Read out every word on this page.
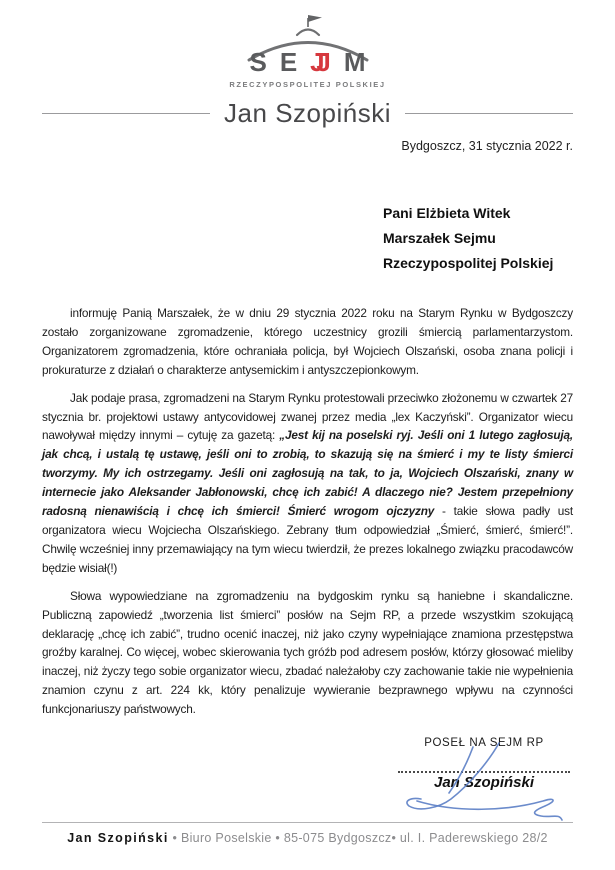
S E J M
RZECZYPOSPOLITEJ POLSKIEJ
Jan Szopiński
Bydgoszcz, 31 stycznia 2022 r.
Pani Elżbieta Witek
Marszałek Sejmu
Rzeczypospolitej Polskiej

informuję Panią Marszałek, że w dniu 29 stycznia 2022 roku na Starym Rynku w Bydgoszczy zostało zorganizowane zgromadzenie, którego uczestnicy grozili śmiercią parlamentarzystom. Organizatorem zgromadzenia, które ochraniała policja, był Wojciech Olszański, osoba znana policji i prokuraturze z działań o charakterze antysemickim i antyszczepionkowym.

Jak podaje prasa, zgromadzeni na Starym Rynku protestowali przeciwko złożonemu w czwartek 27 stycznia br. projektowi ustawy antycovidowej zwanej przez media „lex Kaczyński”. Organizator wiecu nawoływał między innymi – cytuję za gazetą: „Jest kij na poselski ryj. Jeśli oni 1 lutego zagłosują, jak chcą, i ustalą tę ustawę, jeśli oni to zrobią, to skazują się na śmierć i my te listy śmierci tworzymy. My ich ostrzegamy. Jeśli oni zagłosują na tak, to ja, Wojciech Olszański, znany w internecie jako Aleksander Jabłonowski, chcę ich zabić! A dlaczego nie? Jestem przepełniony radosną nienawiścią i chcę ich śmierci! Śmierć wrogom ojczyzny - takie słowa padły ust organizatora wiecu Wojciecha Olszańskiego. Zebrany tłum odpowiedział „Śmierć, śmierć, śmierć!”. Chwilę wcześniej inny przemawiający na tym wiecu twierdził, że prezes lokalnego związku pracodawców będzie wisiał(!)

Słowa wypowiedziane na zgromadzeniu na bydgoskim rynku są haniebne i skandaliczne. Publiczną zapowiedź „tworzenia list śmierci” posłów na Sejm RP, a przede wszystkim szokującą deklarację „chcę ich zabić”, trudno ocenić inaczej, niż jako czyny wypełniające znamiona przestępstwa groźby karalnej. Co więcej, wobec skierowania tych gróźb pod adresem posłów, którzy głosować mieliby inaczej, niż życzy tego sobie organizator wiecu, zbadać należałoby czy zachowanie takie nie wypełnienia znamion czynu z art. 224 kk, który penalizuje wywieranie bezprawnego wpływu na czynności funkcjonariuszy państwowych.

POSEŁ NA SEJM RP
Jan Szopiński
Jan Szopiński • Biuro Poselskie • 85-075 Bydgoszcz• ul. I. Paderewskiego 28/2
